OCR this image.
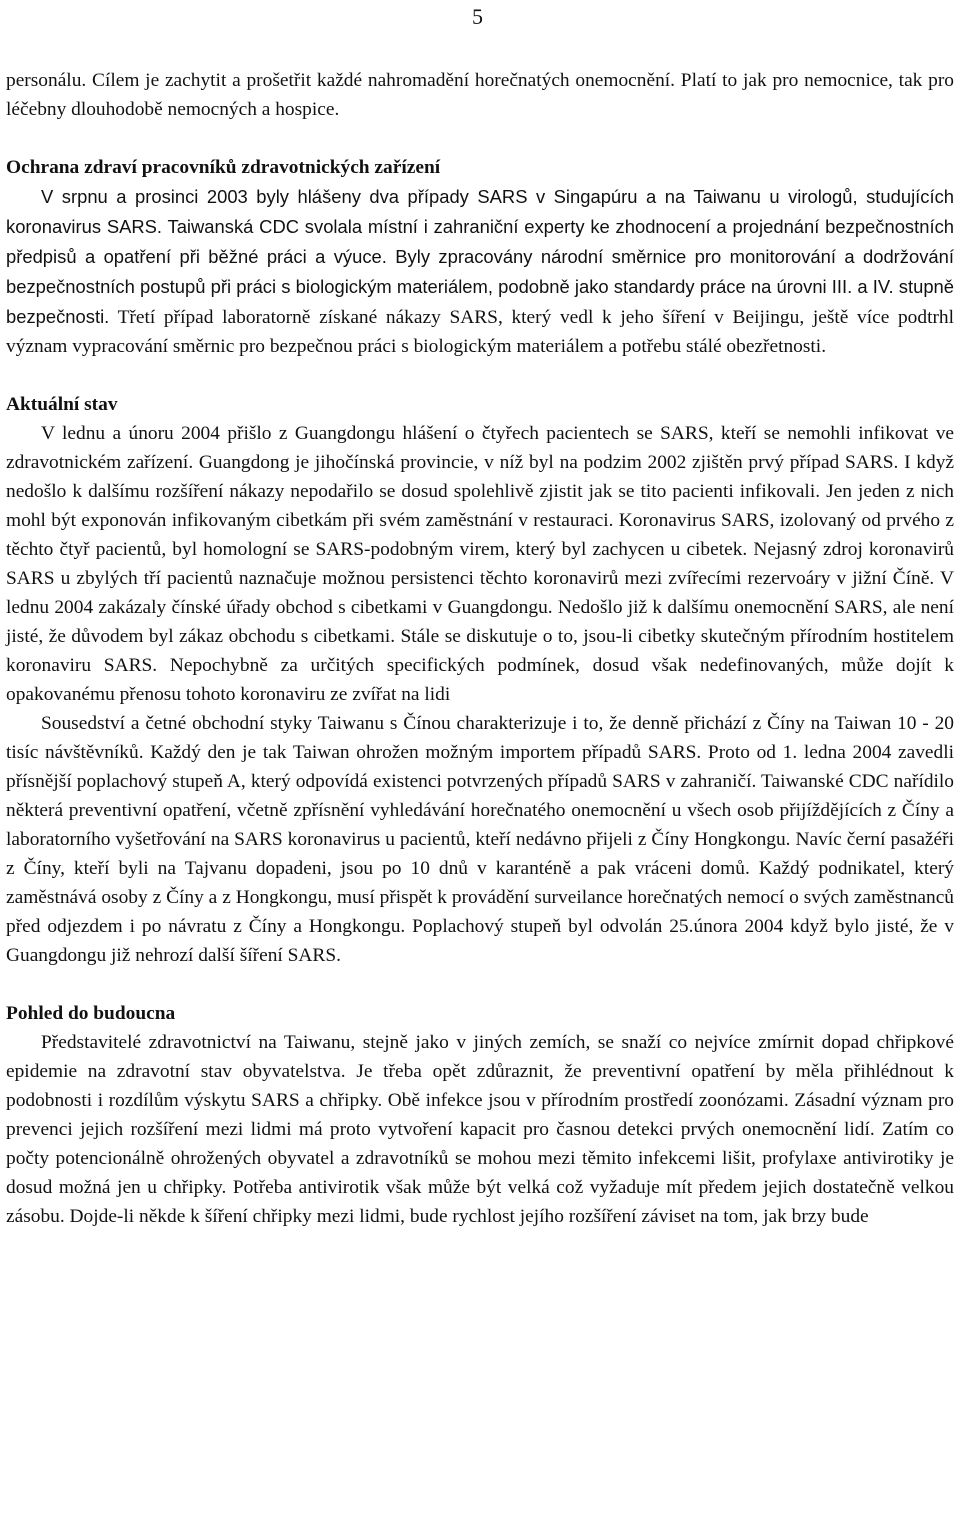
5

personálu. Cílem je zachytit a prošetřit každé nahromadění horečnatých onemocnění. Platí to jak pro nemocnice, tak pro léčebny dlouhodobě nemocných a hospice.

Ochrana zdraví pracovníků zdravotnických zařízení

V srpnu a prosinci 2003 byly hlášeny dva případy SARS v Singapúru a na Taiwanu u virologů, studujících koronavirus SARS. Taiwanská CDC svolala místní i zahraniční experty ke zhodnocení a projednání bezpečnostních předpisů a opatření při běžné práci a výuce. Byly zpracovány národní směrnice pro monitorování a dodržování bezpečnostních postupů při práci s biologickým materiálem, podobně jako standardy práce na úrovni III. a IV. stupně bezpečnosti. Třetí případ laboratorně získané nákazy SARS, který vedl k jeho šíření v Beijingu, ještě více podtrhl význam vypracování směrnic pro bezpečnou práci s biologickým materiálem a potřebu stálé obezřetnosti.

Aktuální stav

V lednu a únoru 2004 přišlo z Guangdongu hlášení o čtyřech pacientech se SARS, kteří se nemohli infikovat ve zdravotnickém zařízení. Guangdong je jihočínská provincie, v níž byl na podzim 2002 zjištěn prvý případ SARS. I když nedošlo k dalšímu rozšíření nákazy nepodařilo se dosud spolehlivě zjistit jak se tito pacienti infikovali. Jen jeden z nich mohl být exponován infikovaným cibetkám při svém zaměstnání v restauraci. Koronavirus SARS, izolovaný od prvého z těchto čtyř pacientů, byl homologní se SARS-podobným virem, který byl zachycen u cibetek. Nejasný zdroj koronavirů SARS u zbylých tří pacientů naznačuje možnou persistenci těchto koronavirů mezi zvířecími rezervoáry v jižní Číně. V lednu 2004 zakázaly čínské úřady obchod s cibetkami v Guangdongu. Nedošlo již k dalšímu onemocnění SARS, ale není jisté, že důvodem byl zákaz obchodu s cibetkami. Stále se diskutuje o to, jsou-li cibetky skutečným přírodním hostitelem koronaviru SARS. Nepochybně za určitých specifických podmínek, dosud však nedefinovaných, může dojít k opakovanému přenosu tohoto koronaviru ze zvířat na lidi

Sousedství a četné obchodní styky Taiwanu s Čínou charakterizuje i to, že denně přichází z Číny na Taiwan 10 - 20 tisíc návštěvníků. Každý den je tak Taiwan ohrožen možným importem případů SARS. Proto od 1. ledna 2004 zavedli přísnější poplachový stupeň A, který odpovídá existenci potvrzených případů SARS v zahraničí. Taiwanské CDC nařídilo některá preventivní opatření, včetně zpřísnění vyhledávání horečnatého onemocnění u všech osob přijíždějících z Číny a laboratorního vyšetřování na SARS koronavirus u pacientů, kteří nedávno přijeli z Číny Hongkongu. Navíc černí pasažéři z Číny, kteří byli na Tajvanu dopadeni, jsou po 10 dnů v karanténě a pak vráceni domů. Každý podnikatel, který zaměstnává osoby z Číny a z Hongkongu, musí přispět k provádění surveilance horečnatých nemocí o svých zaměstnanců před odjezdem i po návratu z Číny a Hongkongu. Poplachový stupeň byl odvolán 25.února 2004 když bylo jisté, že v Guangdongu již nehrozí další šíření SARS.

Pohled do budoucna

Představitelé zdravotnictví na Taiwanu, stejně jako v jiných zemích, se snaží co nejvíce zmírnit dopad chřipkové epidemie na zdravotní stav obyvatelstva. Je třeba opět zdůraznit, že preventivní opatření by měla přihlédnout k podobnosti i rozdílům výskytu SARS a chřipky. Obě infekce jsou v přírodním prostředí zoonózami. Zásadní význam pro prevenci jejich rozšíření mezi lidmi má proto vytvoření kapacit pro časnou detekci prvých onemocnění lidí. Zatím co počty potencionálně ohrožených obyvatel a zdravotníků se mohou mezi těmito infekcemi lišit, profylaxe antivirotiky je dosud možná jen u chřipky. Potřeba antivirotik však může být velká což vyžaduje mít předem jejich dostatečně velkou zásobu. Dojde-li někde k šíření chřipky mezi lidmi, bude rychlost jejího rozšíření záviset na tom, jak brzy bude
